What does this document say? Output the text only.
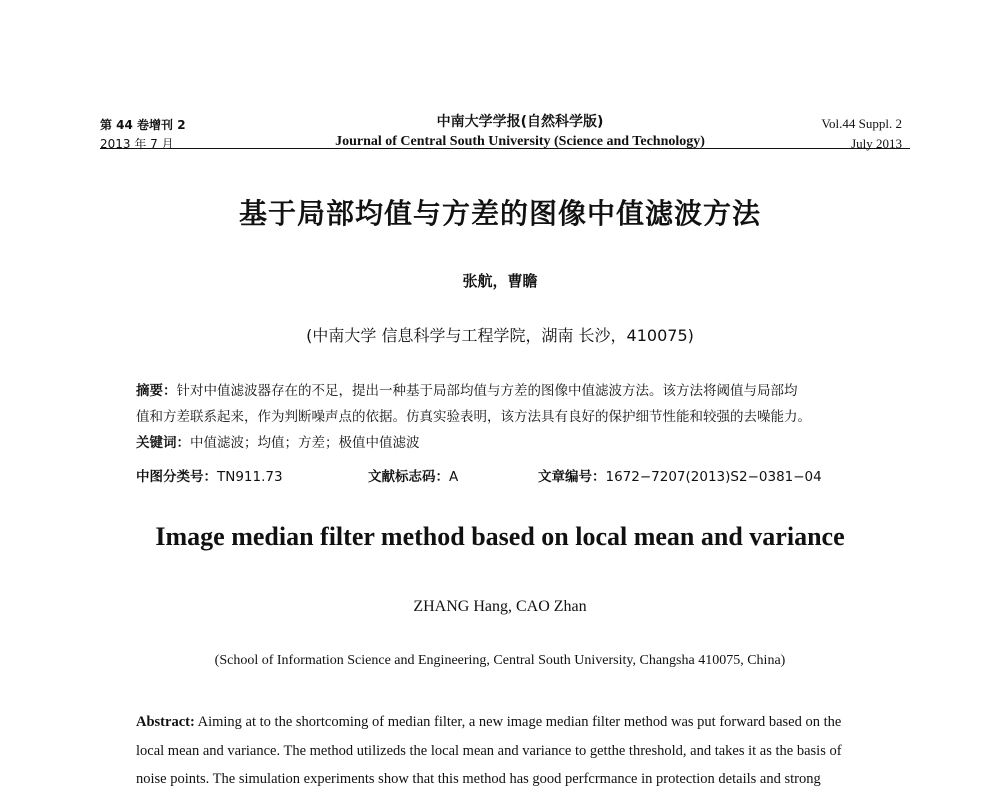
第 44 卷增刊 2
2013 年 7 月
中南大学学报(自然科学版)
Journal of Central South University (Science and Technology)
Vol.44 Suppl. 2
July 2013
基于局部均值与方差的图像中值滤波方法
张航，曹瞻
(中南大学 信息科学与工程学院，湖南 长沙，410075)
摘要：针对中值滤波器存在的不足，提出一种基于局部均值与方差的图像中值滤波方法。该方法将阈值与局部均
值和方差联系起来，作为判断噪声点的依据。仿真实验表明，该方法具有良好的保护细节性能和较强的去噪能力。
关键词：中值滤波；均值；方差；极值中值滤波
中图分类号：TN911.73	文献标志码：A	文章编号：1672−7207(2013)S2−0381−04
Image median filter method based on local mean and variance
ZHANG Hang, CAO Zhan
(School of Information Science and Engineering, Central South University, Changsha 410075, China)
Abstract: Aiming at to the shortcoming of median filter, a new image median filter method was put forward based on the
local mean and variance. The method utilizeds the local mean and variance to getthe threshold, and takes it as the basis of
noise points. The simulation experiments show that this method has good perfcrmance in protection details and strong
